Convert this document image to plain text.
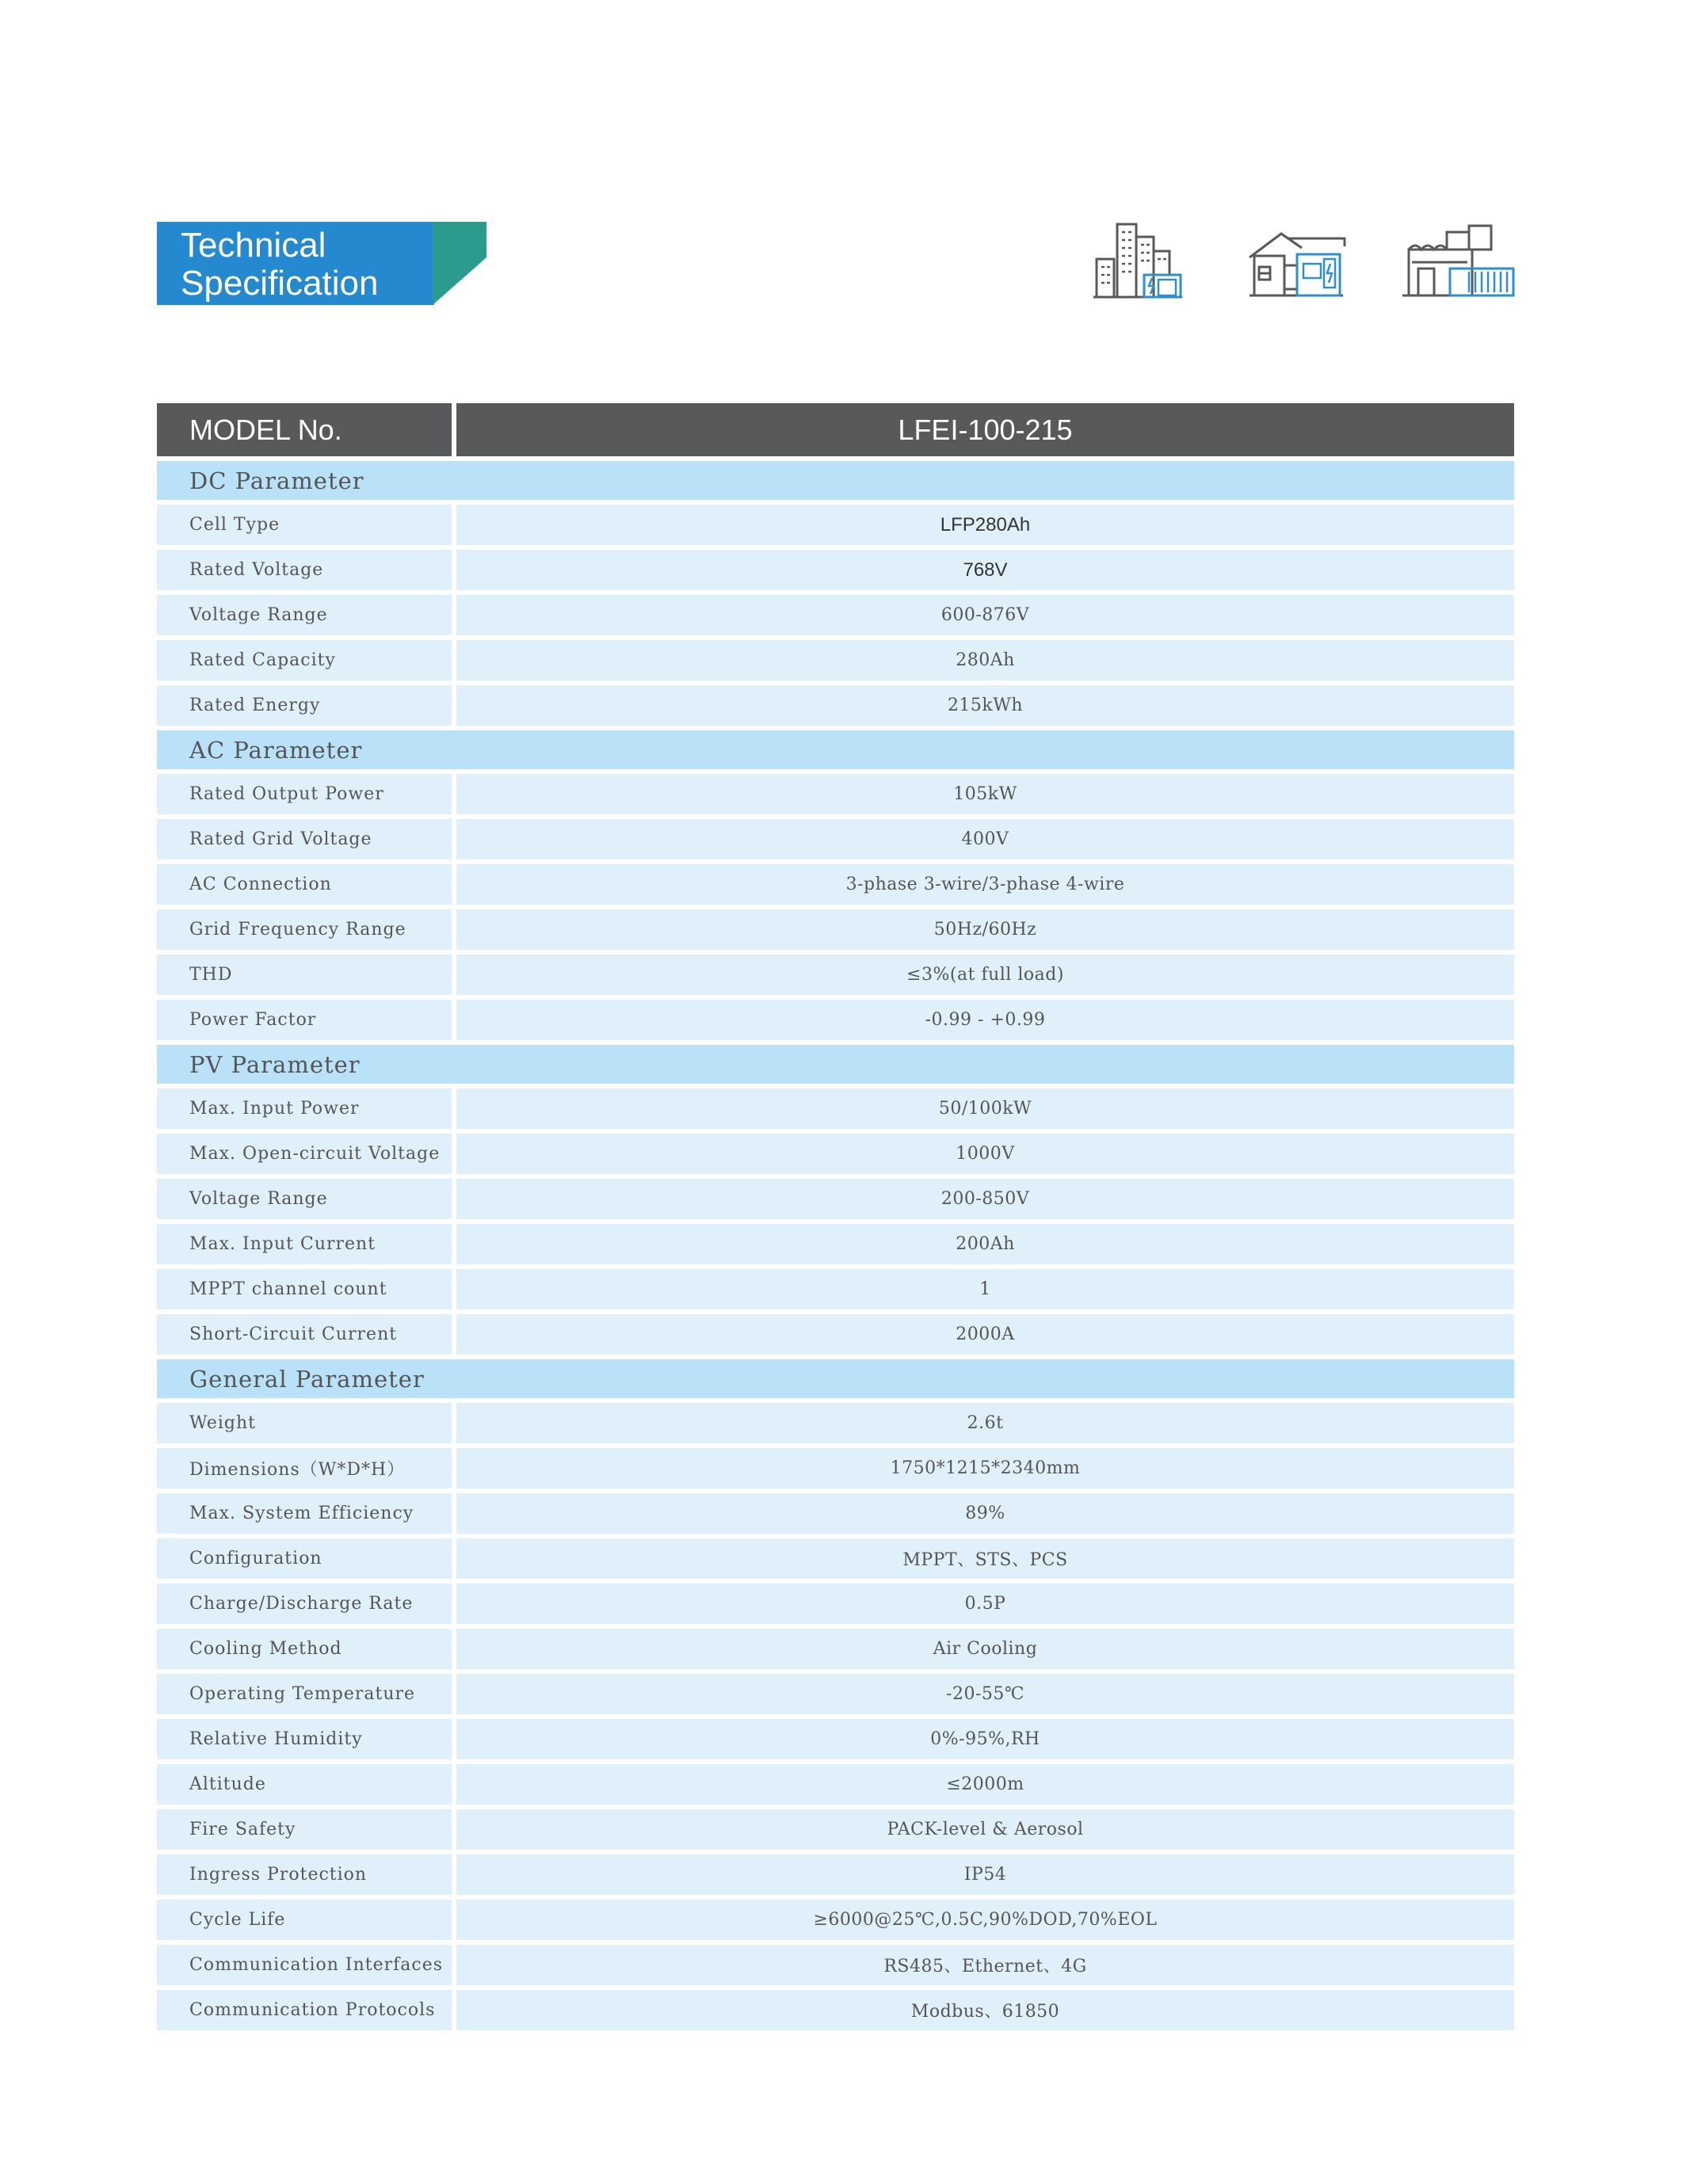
Technical
Specification
MODEL No.	LFEI-100-215
DC Parameter	
Cell Type	LFP280Ah
Rated Voltage	768V
Voltage Range	600-876V
Rated Capacity	280Ah
Rated Energy	215kWh
AC Parameter	
Rated Output Power	105kW
Rated Grid Voltage	400V
AC Connection	3-phase 3-wire/3-phase 4-wire
Grid Frequency Range	50Hz/60Hz
THD	≤3%(at full load)
Power Factor	-0.99 - +0.99
PV Parameter	
Max. Input Power	50/100kW
Max. Open-circuit Voltage	1000V
Voltage Range	200-850V
Max. Input Current	200Ah
MPPT channel count	1
Short-Circuit Current	2000A
General Parameter	
Weight	2.6t
Dimensions（W*D*H）	1750*1215*2340mm
Max. System Efficiency	89%
Configuration	MPPT、STS、PCS
Charge/Discharge Rate	0.5P
Cooling Method	Air Cooling
Operating Temperature	-20-55℃
Relative Humidity	0%-95%,RH
Altitude	≤2000m
Fire Safety	PACK-level & Aerosol
Ingress Protection	IP54
Cycle Life	≥6000@25℃,0.5C,90%DOD,70%EOL
Communication Interfaces	RS485、Ethernet、4G
Communication Protocols	Modbus、61850
